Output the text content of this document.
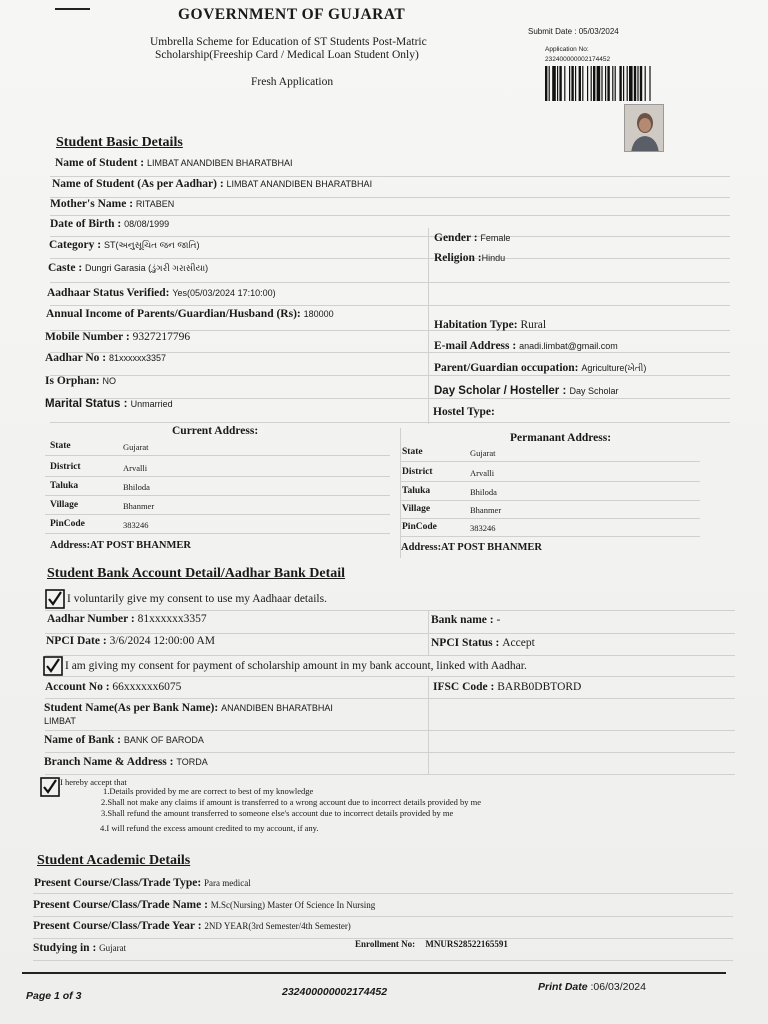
GOVERNMENT OF GUJARAT
Umbrella Scheme for Education of ST Students Post-Matric
Scholarship(Freeship Card / Medical Loan Student Only)
Fresh Application
Submit Date : 05/03/2024
Application No:
232400000002174452
Student Basic Details
Name of Student : LIMBAT ANANDIBEN BHARATBHAI
Name of Student (As per Aadhar) : LIMBAT ANANDIBEN BHARATBHAI
Mother's Name : RITABEN
Date of Birth : 08/08/1999
Gender : Female
Category : ST(અનુસૂચિત જન જાતિ)
Religion :Hindu
Caste : Dungri Garasia (ડુંગરી ગરાસીયા)
Aadhaar Status Verified: Yes(05/03/2024 17:10:00)
Annual Income of Parents/Guardian/Husband (Rs): 180000
Habitation Type: Rural
Mobile Number : 9327217796
E-mail Address : anadi.limbat@gmail.com
Aadhar No : 81xxxxxx3357
Parent/Guardian occupation: Agriculture(ખેતી)
Is Orphan: NO
Day Scholar / Hosteller : Day Scholar
Marital Status : Unmarried
Hostel Type:
Current Address:
Permanant Address:
State	Gujarat
District	Arvalli
Taluka	Bhiloda
Village	Bhanmer
PinCode	383246
State	Gujarat
District	Arvalli
Taluka	Bhiloda
Village	Bhanmer
PinCode	383246
Address:AT POST BHANMER	Address:AT POST BHANMER
Student Bank Account Detail/Aadhar Bank Detail
I voluntarily give my consent to use my Aadhaar details.
Aadhar Number : 81xxxxxx3357	Bank name : -
NPCI Date : 3/6/2024 12:00:00 AM	NPCI Status : Accept
I am giving my consent for payment of scholarship amount in my bank account, linked with Aadhar.
Account No : 66xxxxxx6075	IFSC Code : BARB0DBTORD
Student Name(As per Bank Name): ANANDIBEN BHARATBHAI
LIMBAT
Name of Bank : BANK OF BARODA
Branch Name & Address : TORDA
I hereby accept that
1.Details provided by me are correct to best of my knowledge
2.Shall not make any claims if amount is transferred to a wrong account due to incorrect details provided by me
3.Shall refund the amount transferred to someone else's account due to incorrect details provided by me
4.I will refund the excess amount credited to my account, if any.
Student Academic Details
Present Course/Class/Trade Type: Para medical
Present Course/Class/Trade Name : M.Sc(Nursing) Master Of Science In Nursing
Present Course/Class/Trade Year : 2ND YEAR(3rd Semester/4th Semester)
Studying in : Gujarat	Enrollment No: MNURS28522165591
Page 1 of 3	232400000002174452	Print Date :06/03/2024
